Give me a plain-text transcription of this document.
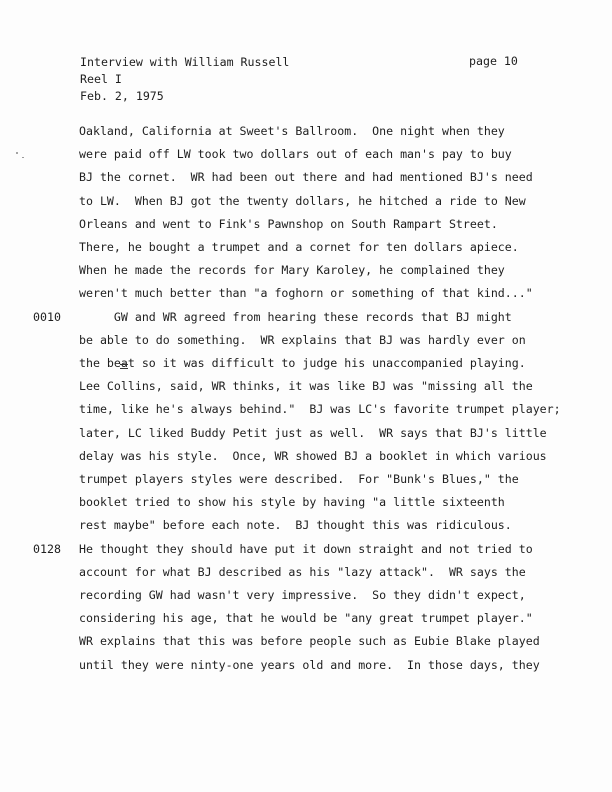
Interview with William Russell
Reel I
Feb. 2, 1975
page 10
Oakland, California at Sweet's Ballroom.  One night when they
were paid off LW took two dollars out of each man's pay to buy
BJ the cornet.  WR had been out there and had mentioned BJ's need
to LW.  When BJ got the twenty dollars, he hitched a ride to New
Orleans and went to Fink's Pawnshop on South Rampart Street.
There, he bought a trumpet and a cornet for ten dollars apiece.
When he made the records for Mary Karoley, he complained they
weren't much better than "a foghorn or something of that kind..."
GW and WR agreed from hearing these records that BJ might
be able to do something.  WR explains that BJ was hardly ever on
the beat so it was difficult to judge his unaccompanied playing.
Lee Collins, said, WR thinks, it was like BJ was "missing all the
time, like he's always behind."  BJ was LC's favorite trumpet player;
later, LC liked Buddy Petit just as well.  WR says that BJ's little
delay was his style.  Once, WR showed BJ a booklet in which various
trumpet players styles were described.  For "Bunk's Blues," the
booklet tried to show his style by having "a little sixteenth
rest maybe" before each note.  BJ thought this was ridiculous.
He thought they should have put it down straight and not tried to
account for what BJ described as his "lazy attack".  WR says the
recording GW had wasn't very impressive.  So they didn't expect,
considering his age, that he would be "any great trumpet player."
WR explains that this was before people such as Eubie Blake played
until they were ninty-one years old and more.  In those days, they
0010
0128
